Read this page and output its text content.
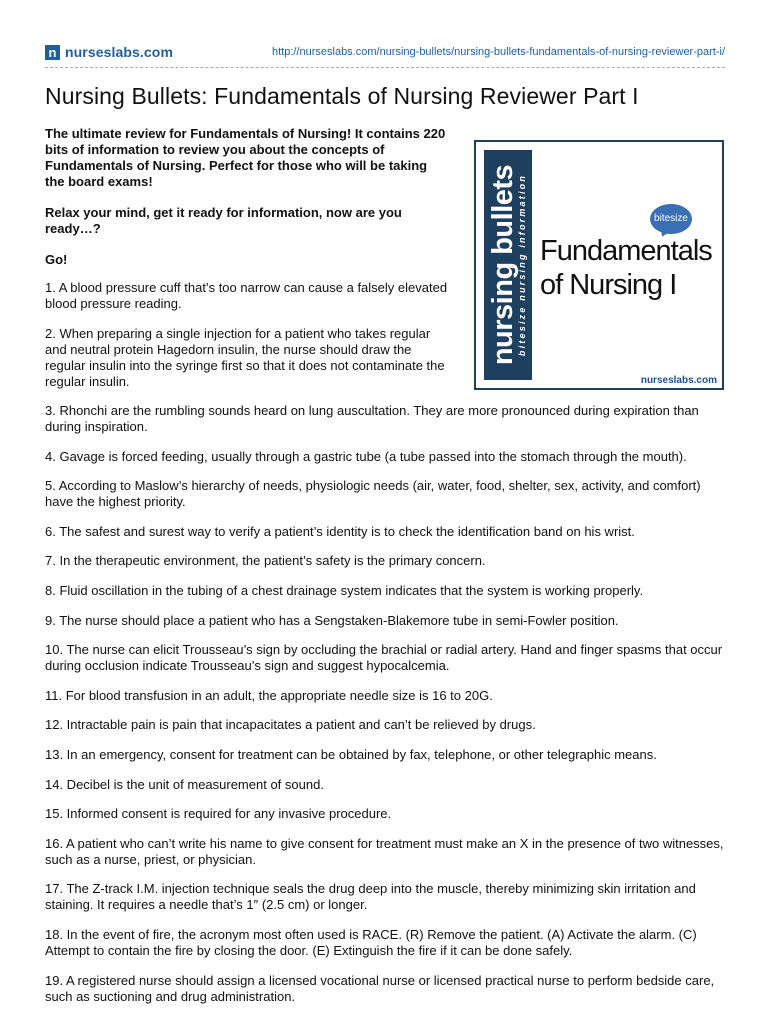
n nurseslabs.com	http://nurseslabs.com/nursing-bullets/nursing-bullets-fundamentals-of-nursing-reviewer-part-i/
Nursing Bullets: Fundamentals of Nursing Reviewer Part I

The ultimate review for Fundamentals of Nursing! It contains 220 bits of information to review you about the concepts of Fundamentals of Nursing. Perfect for those who will be taking the board exams!

Relax your mind, get it ready for information, now are you ready…?

Go!	nursing bullets
bitesize nursing information	bitesize
Fundamentals
of Nursing I
nurseslabs.com

1. A blood pressure cuff that’s too narrow can cause a falsely elevated blood pressure reading.

2. When preparing a single injection for a patient who takes regular and neutral protein Hagedorn insulin, the nurse should draw the regular insulin into the syringe first so that it does not contaminate the regular insulin.

3. Rhonchi are the rumbling sounds heard on lung auscultation. They are more pronounced during expiration than during inspiration.

4. Gavage is forced feeding, usually through a gastric tube (a tube passed into the stomach through the mouth).

5. According to Maslow’s hierarchy of needs, physiologic needs (air, water, food, shelter, sex, activity, and comfort) have the highest priority.

6. The safest and surest way to verify a patient’s identity is to check the identification band on his wrist.

7. In the therapeutic environment, the patient’s safety is the primary concern.

8. Fluid oscillation in the tubing of a chest drainage system indicates that the system is working properly.

9. The nurse should place a patient who has a Sengstaken-Blakemore tube in semi-Fowler position.

10. The nurse can elicit Trousseau’s sign by occluding the brachial or radial artery. Hand and finger spasms that occur during occlusion indicate Trousseau’s sign and suggest hypocalcemia.

11. For blood transfusion in an adult, the appropriate needle size is 16 to 20G.

12. Intractable pain is pain that incapacitates a patient and can’t be relieved by drugs.

13. In an emergency, consent for treatment can be obtained by fax, telephone, or other telegraphic means.

14. Decibel is the unit of measurement of sound.

15. Informed consent is required for any invasive procedure.

16. A patient who can’t write his name to give consent for treatment must make an X in the presence of two witnesses, such as a nurse, priest, or physician.

17. The Z-track I.M. injection technique seals the drug deep into the muscle, thereby minimizing skin irritation and staining. It requires a needle that’s 1″ (2.5 cm) or longer.

18. In the event of fire, the acronym most often used is RACE. (R) Remove the patient. (A) Activate the alarm. (C) Attempt to contain the fire by closing the door. (E) Extinguish the fire if it can be done safely.

19. A registered nurse should assign a licensed vocational nurse or licensed practical nurse to perform bedside care, such as suctioning and drug administration.
